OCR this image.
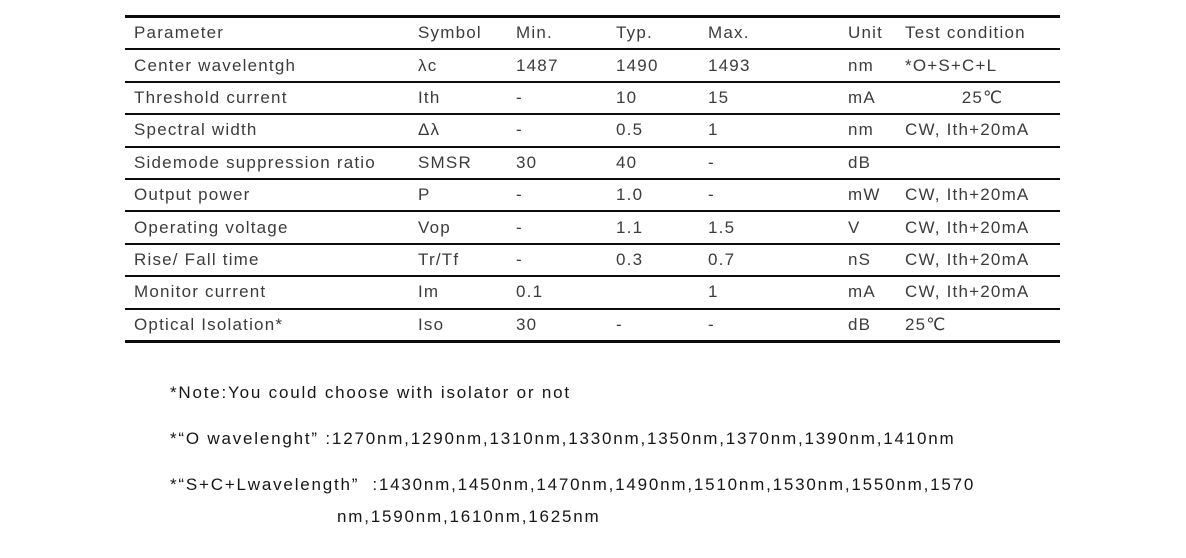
Parameter	Symbol	Min.	Typ.	Max.	Unit	Test condition
Center wavelentgh	λc	1487	1490	1493	nm	*O+S+C+L
Threshold current	Ith	-	10	15	mA	25℃
Spectral width	Δλ	-	0.5	1	nm	CW, Ith+20mA
Sidemode suppression ratio	SMSR	30	40	-	dB	
Output power	P	-	1.0	-	mW	CW, Ith+20mA
Operating voltage	Vop	-	1.1	1.5	V	CW, Ith+20mA
Rise/ Fall time	Tr/Tf	-	0.3	0.7	nS	CW, Ith+20mA
Monitor current	Im	0.1		1	mA	CW, Ith+20mA
Optical Isolation*	Iso	30	-	-	dB	25℃

*Note:You could choose with isolator or not

*“O wavelenght” :1270nm,1290nm,1310nm,1330nm,1350nm,1370nm,1390nm,1410nm

*“S+C+Lwavelength”  :1430nm,1450nm,1470nm,1490nm,1510nm,1530nm,1550nm,1570

nm,1590nm,1610nm,1625nm
